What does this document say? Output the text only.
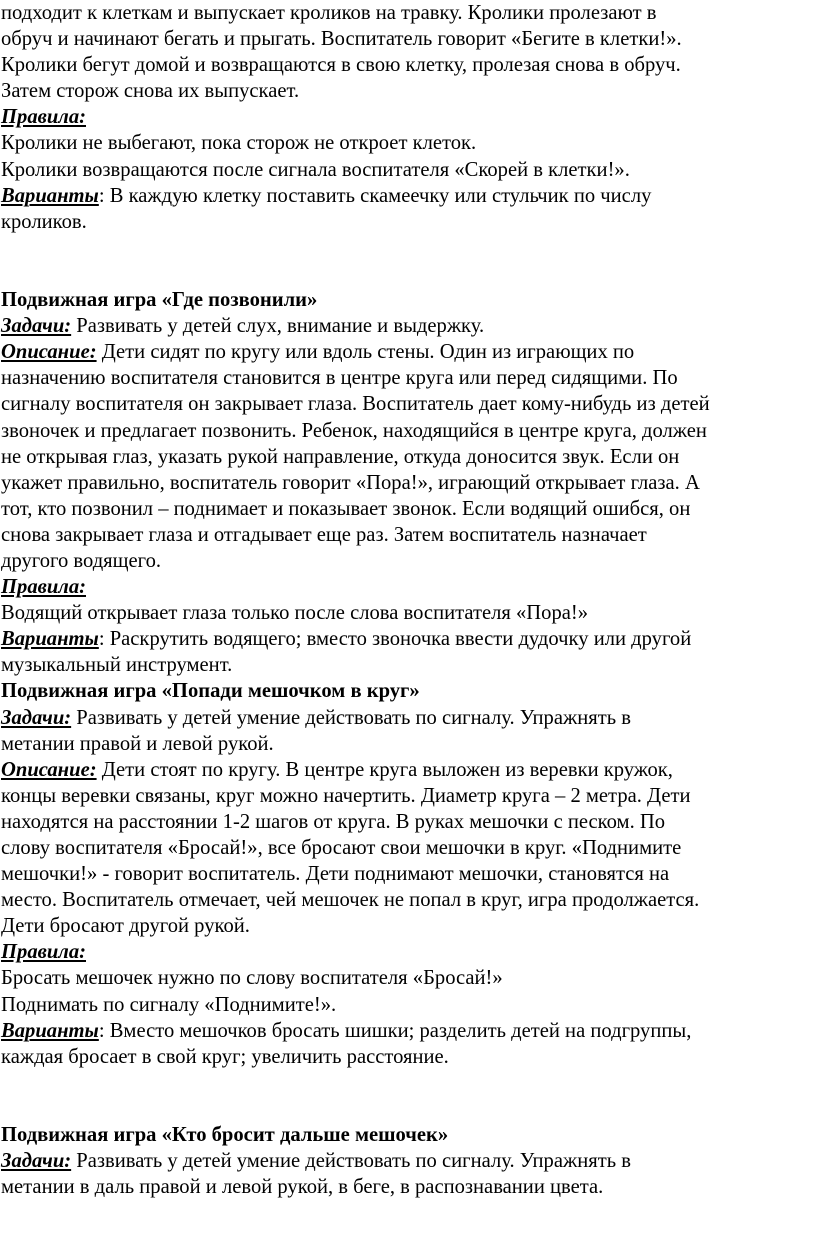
подходит к клеткам и выпускает кроликов на травку. Кролики пролезают в
обруч и начинают бегать и прыгать. Воспитатель говорит «Бегите в клетки!».
Кролики бегут домой и возвращаются в свою клетку, пролезая снова в обруч.
Затем сторож снова их выпускает.
Правила:
Кролики не выбегают, пока сторож не откроет клеток.
Кролики возвращаются после сигнала воспитателя «Скорей в клетки!».
Варианты: В каждую клетку поставить скамеечку или стульчик по числу
кроликов.
Подвижная игра «Где позвонили»
Задачи: Развивать у детей слух, внимание и выдержку.
Описание: Дети сидят по кругу или вдоль стены. Один из играющих по
назначению воспитателя становится в центре круга или перед сидящими. По
сигналу воспитателя он закрывает глаза. Воспитатель дает кому-нибудь из детей
звоночек и предлагает позвонить. Ребенок, находящийся в центре круга, должен
не открывая глаз, указать рукой направление, откуда доносится звук. Если он
укажет правильно, воспитатель говорит «Пора!», играющий открывает глаза. А
тот, кто позвонил – поднимает и показывает звонок. Если водящий ошибся, он
снова закрывает глаза и отгадывает еще раз. Затем воспитатель назначает
другого водящего.
Правила:
Водящий открывает глаза только после слова воспитателя «Пора!»
Варианты: Раскрутить водящего; вместо звоночка ввести дудочку или другой
музыкальный инструмент.
Подвижная игра «Попади мешочком в круг»
Задачи: Развивать у детей умение действовать по сигналу. Упражнять в
метании правой и левой рукой.
Описание: Дети стоят по кругу. В центре круга выложен из веревки кружок,
концы веревки связаны, круг можно начертить. Диаметр круга – 2 метра. Дети
находятся на расстоянии 1-2 шагов от круга. В руках мешочки с песком. По
слову воспитателя «Бросай!», все бросают свои мешочки в круг. «Поднимите
мешочки!» - говорит воспитатель. Дети поднимают мешочки, становятся на
место. Воспитатель отмечает, чей мешочек не попал в круг, игра продолжается.
Дети бросают другой рукой.
Правила:
Бросать мешочек нужно по слову воспитателя «Бросай!»
Поднимать по сигналу «Поднимите!».
Варианты: Вместо мешочков бросать шишки; разделить детей на подгруппы,
каждая бросает в свой круг; увеличить расстояние.
Подвижная игра «Кто бросит дальше мешочек»
Задачи: Развивать у детей умение действовать по сигналу. Упражнять в
метании в даль правой и левой рукой, в беге, в распознавании цвета.
